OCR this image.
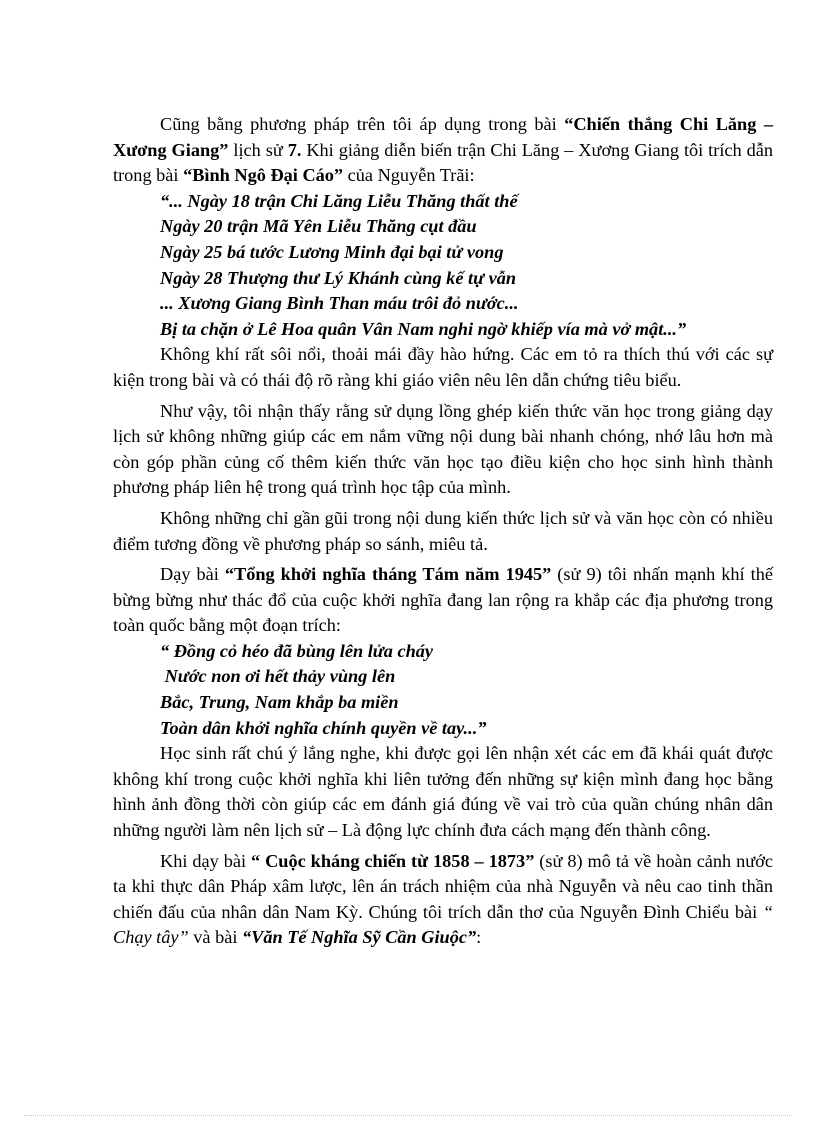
Cũng bằng phương pháp trên tôi áp dụng trong bài “Chiến thắng Chi Lăng – Xương Giang” lịch sử 7. Khi giảng diễn biến trận Chi Lăng – Xương Giang tôi trích dẫn trong bài “Bình Ngô Đại Cáo” của Nguyễn Trãi:

“... Ngày 18 trận Chi Lăng Liễu Thăng thất thế

Ngày 20 trận Mã Yên Liễu Thăng cụt đầu

Ngày 25 bá tước Lương Minh đại bại tử vong

Ngày 28 Thượng thư Lý Khánh cùng kế tự vẫn

... Xương Giang Bình Than máu trôi đỏ nước...

Bị ta chặn ở Lê Hoa quân Vân Nam nghi ngờ khiếp vía mà vở mật...”

Không khí rất sôi nổi, thoải mái đầy hào hứng. Các em tỏ ra thích thú với các sự kiện trong bài và có thái độ rõ ràng khi giáo viên nêu lên dẫn chứng tiêu biểu.

Như vậy, tôi nhận thấy rằng sử dụng lồng ghép kiến thức văn học trong giảng dạy lịch sử không những giúp các em nắm vững nội dung bài nhanh chóng, nhớ lâu hơn mà còn góp phần củng cố thêm kiến thức văn học tạo điều kiện cho học sinh hình thành phương pháp liên hệ trong quá trình học tập của mình.

Không những chỉ gần gũi trong nội dung kiến thức lịch sử và văn học còn có nhiều điểm tương đồng về phương pháp so sánh, miêu tả.

Dạy bài “Tổng khởi nghĩa tháng Tám năm 1945” (sử 9) tôi nhấn mạnh khí thế bừng bừng như thác đổ của cuộc khởi nghĩa đang lan rộng ra khắp các địa phương trong toàn quốc bằng một đoạn trích:

“ Đồng cỏ héo đã bùng lên lửa cháy

Nước non ơi hết thảy vùng lên

Bắc, Trung, Nam khắp ba miền

Toàn dân khởi nghĩa chính quyền về tay...”

Học sinh rất chú ý lắng nghe, khi được gọi lên nhận xét các em đã khái quát được không khí trong cuộc khởi nghĩa khi liên tưởng đến những sự kiện mình đang học bằng hình ảnh đồng thời còn giúp các em đánh giá đúng về vai trò của quần chúng nhân dân những người làm nên lịch sử – Là động lực chính đưa cách mạng đến thành công.

Khi dạy bài “ Cuộc kháng chiến từ 1858 – 1873” (sử 8) mô tả về hoàn cảnh nước ta khi thực dân Pháp xâm lược, lên án trách nhiệm của nhà Nguyễn và nêu cao tinh thần chiến đấu của nhân dân Nam Kỳ. Chúng tôi trích dẫn thơ của Nguyễn Đình Chiểu bài “ Chạy tây” và bài “Văn Tế Nghĩa Sỹ Cần Giuộc”:
